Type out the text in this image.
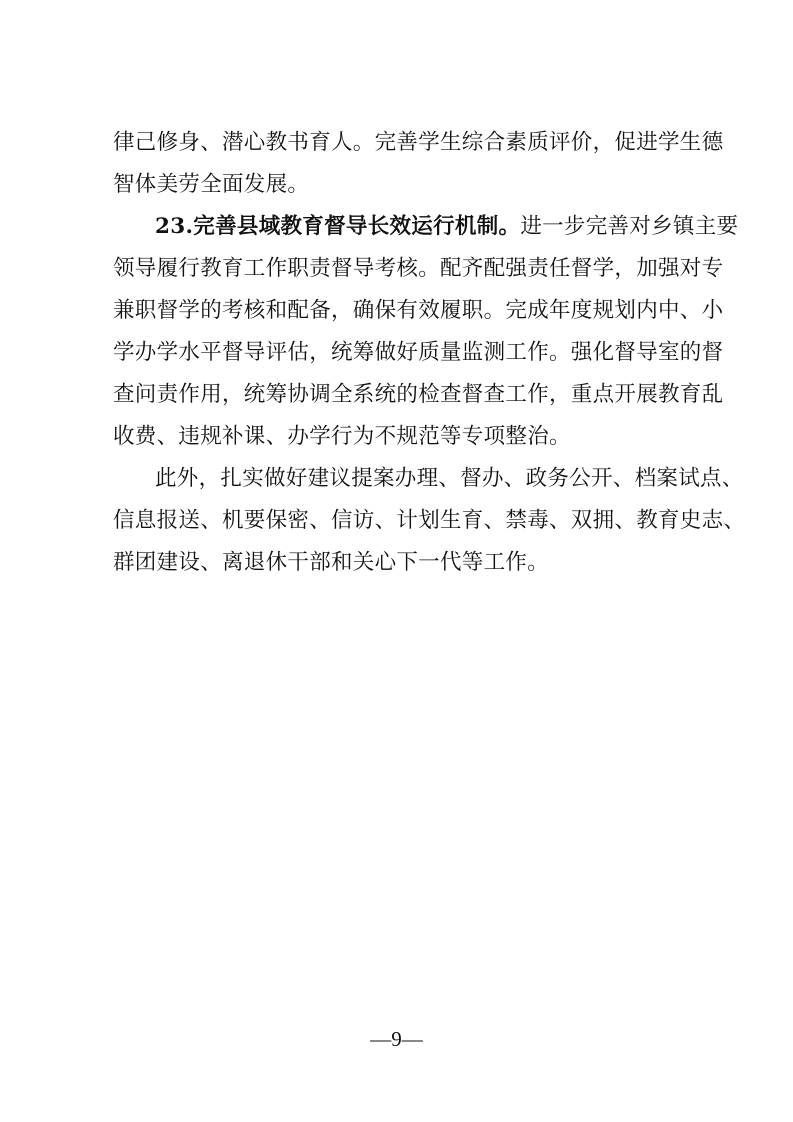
律己修身、潜心教书育人。完善学生综合素质评价，促进学生德
智体美劳全面发展。
23.完善县域教育督导长效运行机制。进一步完善对乡镇主要
领导履行教育工作职责督导考核。配齐配强责任督学，加强对专
兼职督学的考核和配备，确保有效履职。完成年度规划内中、小
学办学水平督导评估，统筹做好质量监测工作。强化督导室的督
查问责作用，统筹协调全系统的检查督查工作，重点开展教育乱
收费、违规补课、办学行为不规范等专项整治。
此外，扎实做好建议提案办理、督办、政务公开、档案试点、
信息报送、机要保密、信访、计划生育、禁毒、双拥、教育史志、
群团建设、离退休干部和关心下一代等工作。
—9—
